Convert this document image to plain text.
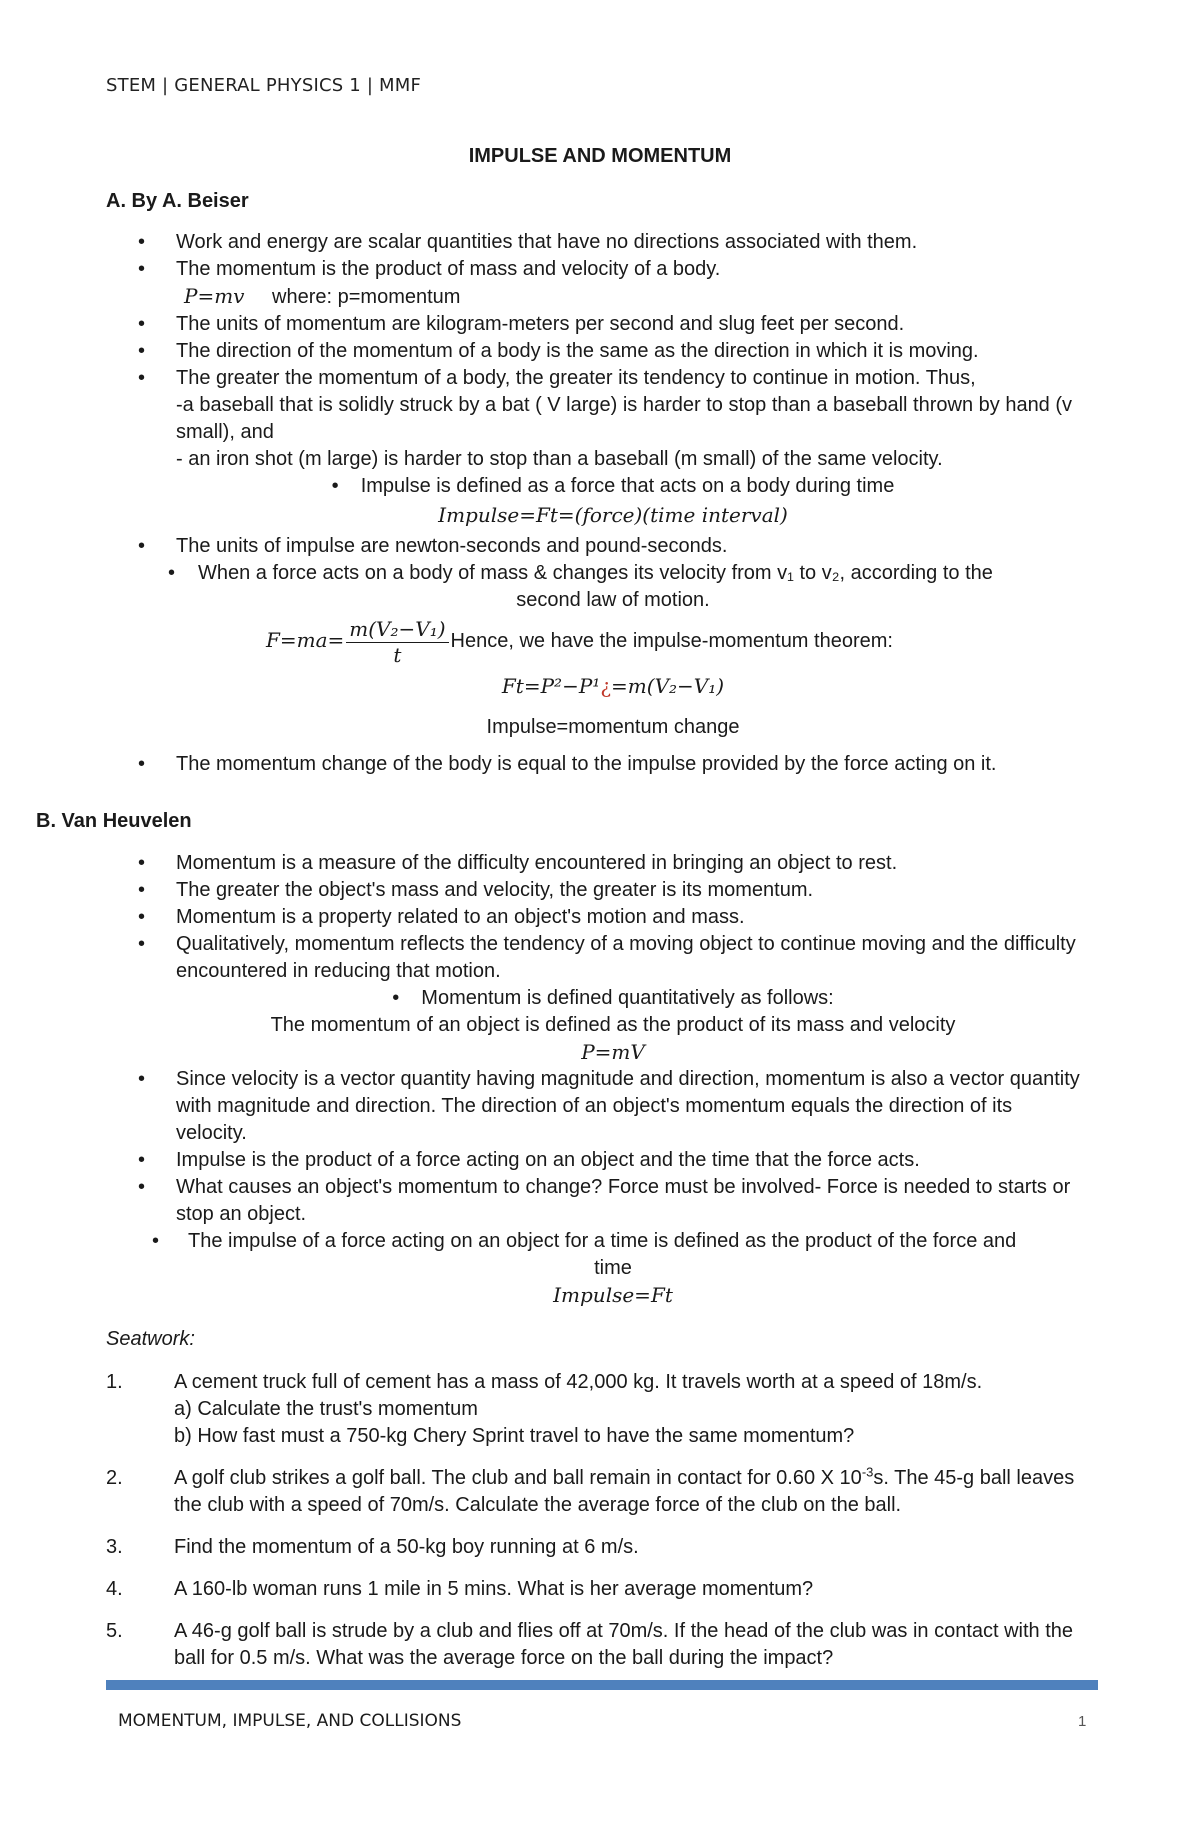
STEM | GENERAL PHYSICS 1 | MMF
IMPULSE AND MOMENTUM
A. By A. Beiser
• Work and energy are scalar quantities that have no directions associated with them.
• The momentum is the product of mass and velocity of a body.
P=mv where: p=momentum
• The units of momentum are kilogram-meters per second and slug feet per second.
• The direction of the momentum of a body is the same as the direction in which it is moving.
• The greater the momentum of a body, the greater its tendency to continue in motion. Thus,
-a baseball that is solidly struck by a bat ( V large) is harder to stop than a baseball thrown by hand (v small), and
- an iron shot (m large) is harder to stop than a baseball (m small) of the same velocity.
• Impulse is defined as a force that acts on a body during time
Impulse=Ft=(force)(time interval)
• The units of impulse are newton-seconds and pound-seconds.
• When a force acts on a body of mass & changes its velocity from v₁ to v₂, according to the
second law of motion.
$F=ma= \frac{\text{m(V₂−V₁)}}{t}$ Hence, we have the impulse-momentum theorem:
Ft=P²−P¹¿=m(V₂−V₁)
Impulse=momentum change
• The momentum change of the body is equal to the impulse provided by the force acting on it.
B. Van Heuvelen
• Momentum is a measure of the difficulty encountered in bringing an object to rest.
• The greater the object's mass and velocity, the greater is its momentum.
• Momentum is a property related to an object's motion and mass.
• Qualitatively, momentum reflects the tendency of a moving object to continue moving and the difficulty encountered in reducing that motion.
• Momentum is defined quantitatively as follows:
The momentum of an object is defined as the product of its mass and velocity
P=mV
• Since velocity is a vector quantity having magnitude and direction, momentum is also a vector quantity with magnitude and direction. The direction of an object's momentum equals the direction of its velocity.
• Impulse is the product of a force acting on an object and the time that the force acts.
• What causes an object's momentum to change? Force must be involved- Force is needed to starts or stop an object.
• The impulse of a force acting on an object for a time is defined as the product of the force and
time
Impulse=Ft
Seatwork:
1.	A cement truck full of cement has a mass of 42,000 kg. It travels worth at a speed of 18m/s.
a) Calculate the trust's momentum
b) How fast must a 750-kg Chery Sprint travel to have the same momentum?
2.	A golf club strikes a golf ball. The club and ball remain in contact for 0.60 X $10^{-3}s$. The 45-g ball leaves the club with a speed of 70m/s. Calculate the average force of the club on the ball.
3.	Find the momentum of a 50-kg boy running at 6 m/s.
4.	A 160-lb woman runs 1 mile in 5 mins. What is her average momentum?
5.	A 46-g golf ball is strude by a club and flies off at 70m/s. If the head of the club was in contact with the ball for 0.5 m/s. What was the average force on the ball during the impact?
MOMENTUM, IMPULSE, AND COLLISIONS	1
